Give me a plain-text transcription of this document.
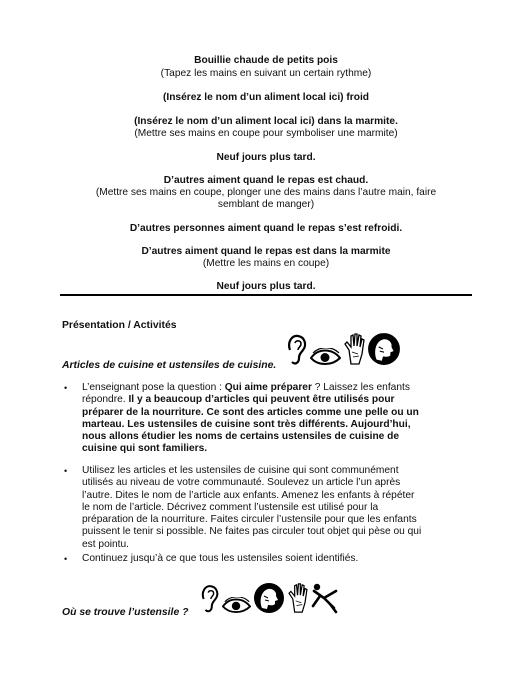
Bouillie chaude de petits pois
(Tapez les mains en suivant un certain rythme)
(Insérez le nom d’un aliment local ici) froid
(Insérez le nom d’un aliment local ici) dans la marmite.
(Mettre ses mains en coupe pour symboliser une marmite)
Neuf jours plus tard.
D’autres aiment quand le repas est chaud.
(Mettre ses mains en coupe, plonger une des mains dans l’autre main, faire
semblant de manger)
D’autres personnes aiment quand le repas s’est refroidi.
D’autres aiment quand le repas est dans la marmite
(Mettre les mains en coupe)
Neuf jours plus tard.
Présentation / Activités
Articles de cuisine et ustensiles de cuisine.
•	L’enseignant pose la question : Qui aime préparer ? Laissez les enfants
répondre. Il y a beaucoup d’articles qui peuvent être utilisés pour
préparer de la nourriture. Ce sont des articles comme une pelle ou un
marteau. Les ustensiles de cuisine sont très différents. Aujourd’hui,
nous allons étudier les noms de certains ustensiles de cuisine de
cuisine qui sont familiers.
•	Utilisez les articles et les ustensiles de cuisine qui sont communément
utilisés au niveau de votre communauté. Soulevez un article l’un après
l’autre. Dites le nom de l’article aux enfants. Amenez les enfants à répéter
le nom de l’article. Décrivez comment l’ustensile est utilisé pour la
préparation de la nourriture. Faites circuler l’ustensile pour que les enfants
puissent le tenir si possible. Ne faites pas circuler tout objet qui pèse ou qui
est pointu.
•	Continuez jusqu’à ce que tous les ustensiles soient identifiés.
Où se trouve l’ustensile ?
